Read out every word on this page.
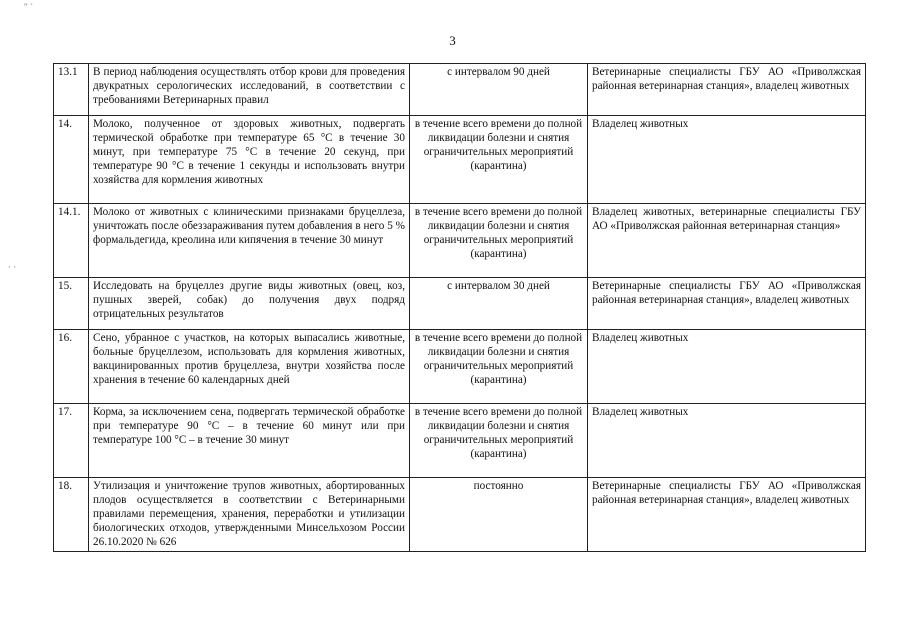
″ ˊ
· ·
3
13.1	В период наблюдения осуществлять отбор крови для проведения двукратных серологических исследований, в соответствии с требованиями Ветеринарных правил	с интервалом 90 дней	Ветеринарные специалисты ГБУ АО «Приволжская районная ветеринарная станция», владелец животных
14.	Молоко, полученное от здоровых животных, подвергать термической обработке при температуре 65 °С в течение 30 минут, при температуре 75 °С в течение 20 секунд, при температуре 90 °С в течение 1 секунды и использовать внутри хозяйства для кормления животных	в течение всего времени до полной ликвидации болезни и снятия ограничительных мероприятий (карантина)	Владелец животных
14.1.	Молоко от животных с клиническими признаками бруцеллеза, уничтожать после обеззараживания путем добавления в него 5 % формальдегида, креолина или кипячения в течение 30 минут	в течение всего времени до полной ликвидации болезни и снятия ограничительных мероприятий (карантина)	Владелец животных, ветеринарные специалисты ГБУ АО «Приволжская районная ветеринарная станция»
15.	Исследовать на бруцеллез другие виды животных (овец, коз, пушных зверей, собак) до получения двух подряд отрицательных результатов	с интервалом 30 дней	Ветеринарные специалисты ГБУ АО «Приволжская районная ветеринарная станция», владелец животных
16.	Сено, убранное с участков, на которых выпасались животные, больные бруцеллезом, использовать для кормления животных, вакцинированных против бруцеллеза, внутри хозяйства после хранения в течение 60 календарных дней	в течение всего времени до полной ликвидации болезни и снятия ограничительных мероприятий (карантина)	Владелец животных
17.	Корма, за исключением сена, подвергать термической обработке при температуре 90 °С – в течение 60 минут или при температуре 100 °С – в течение 30 минут	в течение всего времени до полной ликвидации болезни и снятия ограничительных мероприятий (карантина)	Владелец животных
18.	Утилизация и уничтожение трупов животных, абортированных плодов осуществляется в соответствии с Ветеринарными правилами перемещения, хранения, переработки и утилизации биологических отходов, утвержденными Минсельхозом России 26.10.2020 № 626	постоянно	Ветеринарные специалисты ГБУ АО «Приволжская районная ветеринарная станция», владелец животных
